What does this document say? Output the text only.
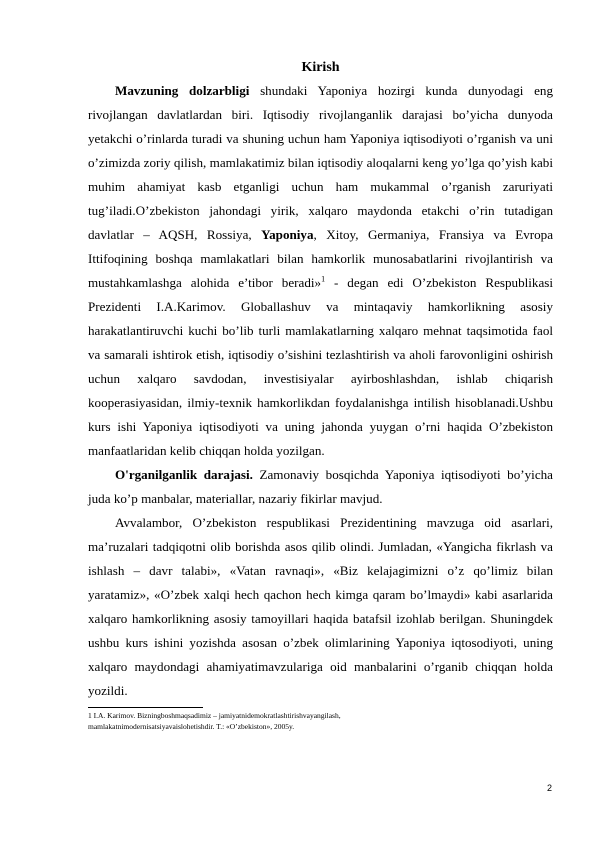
Kirish

Mavzuning dolzarbligi shundaki Yaponiya hozirgi kunda dunyodagi eng rivojlangan davlatlardan biri. Iqtisodiy rivojlanganlik darajasi bo’yicha dunyoda yetakchi o’rinlarda turadi va shuning uchun ham Yaponiya iqtisodiyoti o’rganish va uni o’zimizda zoriy qilish, mamlakatimiz bilan iqtisodiy aloqalarni keng yo’lga qo’yish kabi muhim ahamiyat kasb etganligi uchun ham mukammal o’rganish zaruriyati tug’iladi.O’zbekiston jahondagi yirik, xalqaro maydonda etakchi o’rin tutadigan davlatlar – AQSH, Rossiya, Yaponiya, Xitoy, Germaniya, Fransiya va Evropa Ittifoqining boshqa mamlakatlari bilan hamkorlik munosabatlarini rivojlantirish va mustahkamlashga alohida e’tibor beradi»$^1$ - degan edi O’zbekiston Respublikasi Prezidenti I.A.Karimov. Globallashuv va mintaqaviy hamkorlikning asosiy harakatlantiruvchi kuchi bo’lib turli mamlakatlarning xalqaro mehnat taqsimotida faol va samarali ishtirok etish, iqtisodiy o’sishini tezlashtirish va aholi farovonligini oshirish uchun xalqaro savdodan, investisiyalar ayirboshlashdan, ishlab chiqarish kooperasiyasidan, ilmiy-texnik hamkorlikdan foydalanishga intilish hisoblanadi.Ushbu kurs ishi Yaponiya iqtisodiyoti va uning jahonda yuygan o’rni haqida O’zbekiston manfaatlaridan kelib chiqqan holda yozilgan.

O'rganilganlik darajasi. Zamonaviy bosqichda Yaponiya iqtisodiyoti bo’yicha juda ko’p manbalar, materiallar, nazariy fikirlar mavjud.

Avvalambor, O’zbekiston respublikasi Prezidentining mavzuga oid asarlari, ma’ruzalari tadqiqotni olib borishda asos qilib olindi. Jumladan, «Yangicha fikrlash va ishlash – davr talabi», «Vatan ravnaqi», «Biz kelajagimizni o’z qo’limiz bilan yaratamiz», «O’zbek xalqi hech qachon hech kimga qaram bo’lmaydi» kabi asarlarida xalqaro hamkorlikning asosiy tamoyillari haqida batafsil izohlab berilgan. Shuningdek ushbu kurs ishini yozishda asosan o’zbek olimlarining Yaponiya iqtosodiyoti, uning xalqaro maydondagi ahamiyatimavzulariga oid manbalarini o’rganib chiqqan holda yozildi.

1 I.A. Karimov. Bizningboshmaqsadimiz – jamiyatnidemokratlashtirishvayangilash,
mamlakatnimodernisatsiyavaislohetishdir. T.: «O’zbekiston», 2005y.
2
